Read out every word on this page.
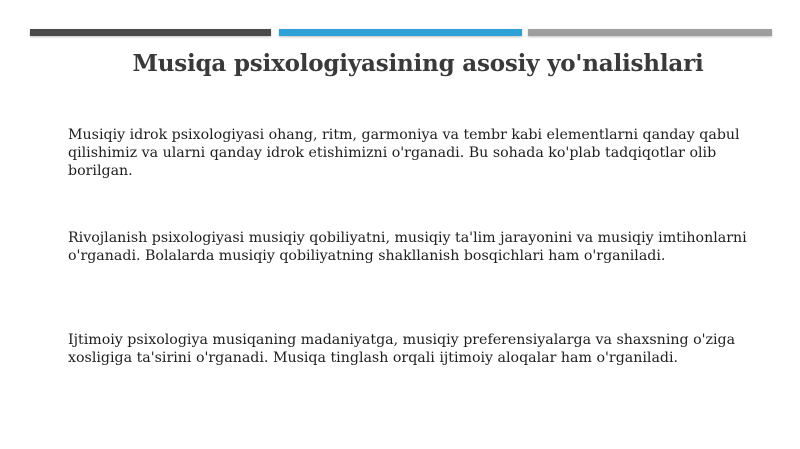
Musiqa psixologiyasining asosiy yo'nalishlari

Musiqiy idrok psixologiyasi ohang, ritm, garmoniya va tembr kabi elementlarni qanday qabul qilishimiz va ularni qanday idrok etishimizni o'rganadi. Bu sohada ko'plab tadqiqotlar olib borilgan.

Rivojlanish psixologiyasi musiqiy qobiliyatni, musiqiy ta'lim jarayonini va musiqiy imtihonlarni o'rganadi. Bolalarda musiqiy qobiliyatning shakllanish bosqichlari ham o'rganiladi.

Ijtimoiy psixologiya musiqaning madaniyatga, musiqiy preferensiyalarga va shaxsning o'ziga xosligiga ta'sirini o'rganadi. Musiqa tinglash orqali ijtimoiy aloqalar ham o'rganiladi.
